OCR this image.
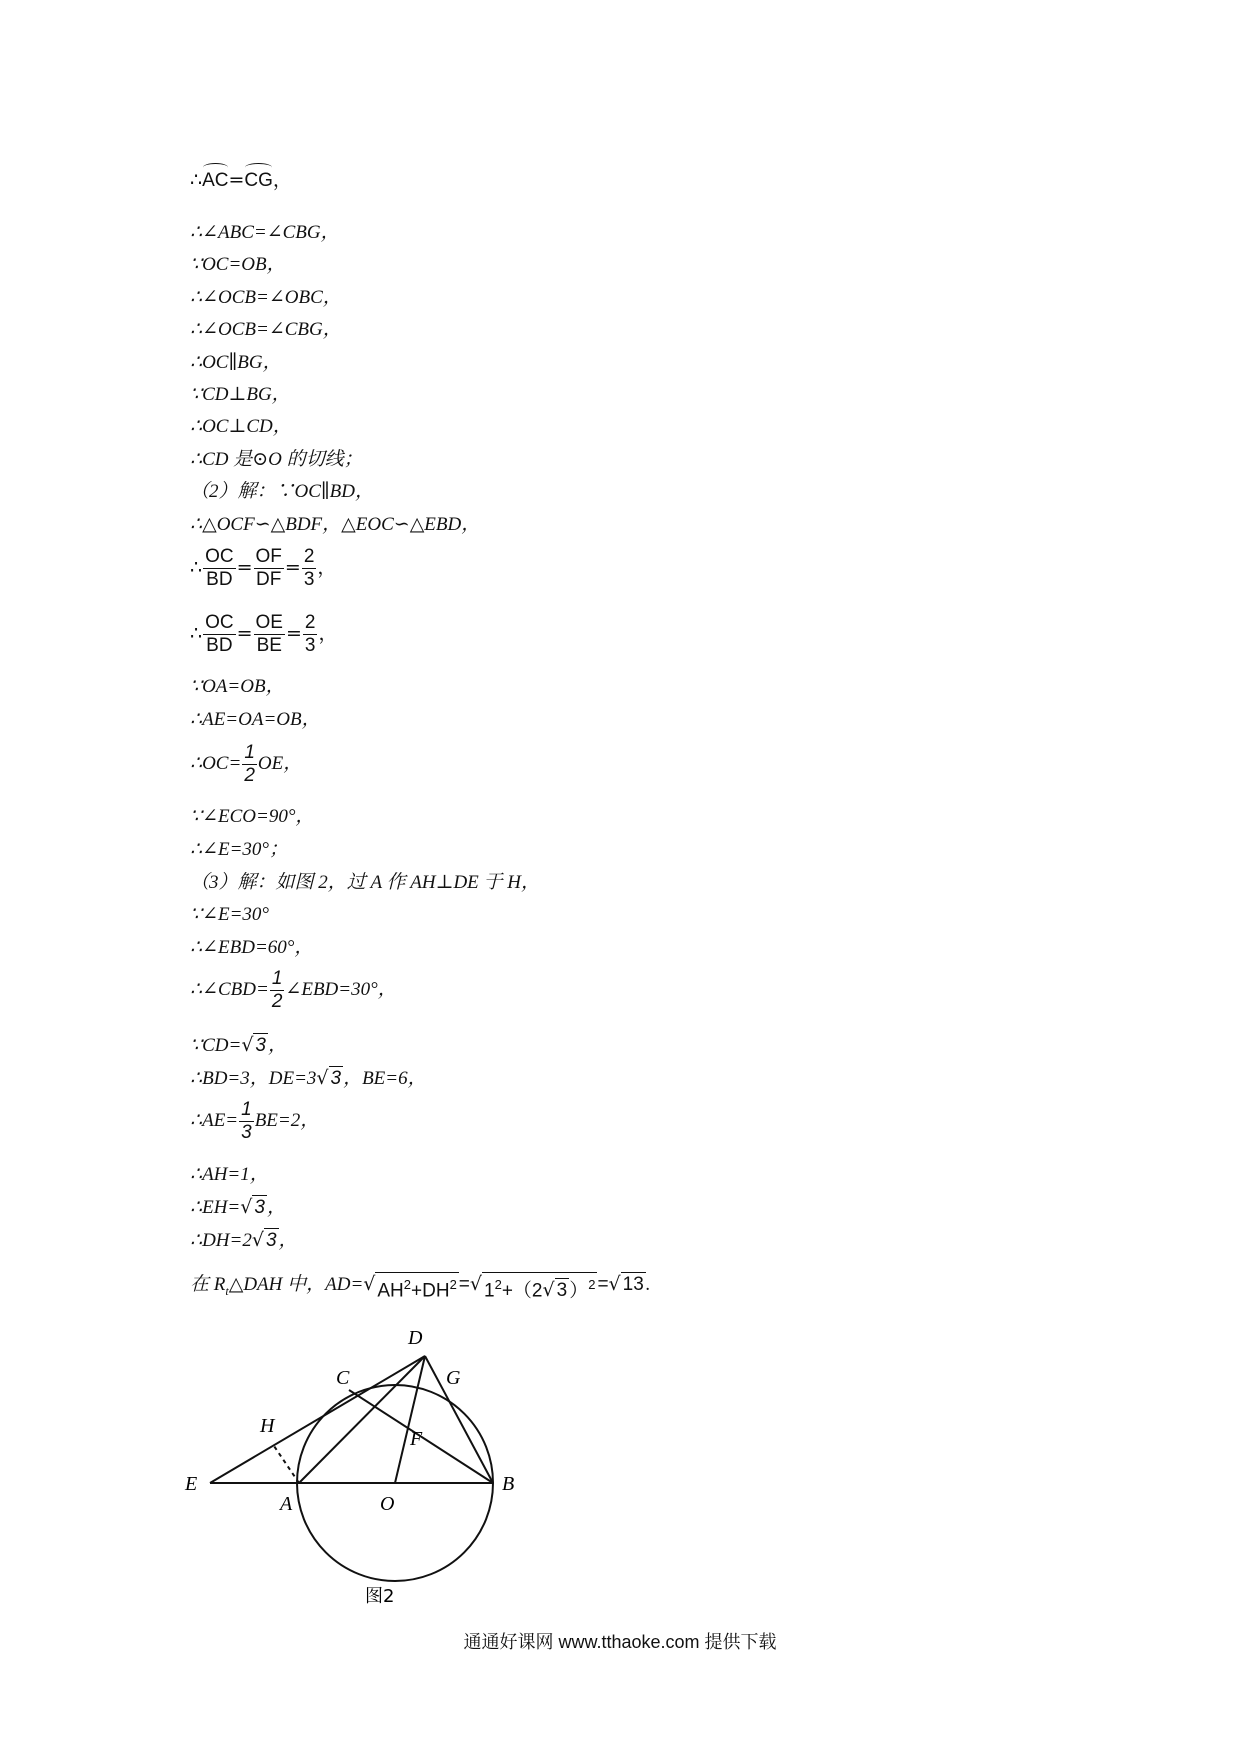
∴AC=CG，
∴∠ABC=∠CBG，
∵OC=OB，
∴∠OCB=∠OBC，
∴∠OCB=∠CBG，
∴OC∥BG，
∵CD⊥BG，
∴OC⊥CD，
∴CD 是⊙O 的切线；
（2）解：∵OC∥BD，
∴△OCF∽△BDF，△EOC∽△EBD，
∴ $\frac{OC}{BD} = \frac{OF}{DF} = \frac{2}{3}$ ，
∴ $\frac{OC}{BD} = \frac{OE}{BE} = \frac{2}{3}$ ，
∵OA=OB，
∴AE=OA=OB，
∴OC= $\frac{1}{2}$ OE，
∵∠ECO=90°，
∴∠E=30°；
（3）解：如图 2，过 A 作 AH⊥DE 于 H，
∵∠E=30°
∴∠EBD=60°，
∴∠CBD= $\frac{1}{2}$ ∠EBD=30°，
∵CD= √ 3 ，
∴BD=3，DE=3 √ 3 ，BE=6，
∴AE= $\frac{1}{3} BE=2$，
∴AH=1，
∴EH= √ 3 ，
∴DH=2 √ 3 ，
在 $R_t\triangle DAH$ 中，AD= √ $AH^2+DH^2$ = √ $1^2+(2$ √ 3 ）$^2$ = √ 13 .
D
C	G
H
F
E
A	O
B
图2
通通好课网 www.tthaoke.com 提供下载
